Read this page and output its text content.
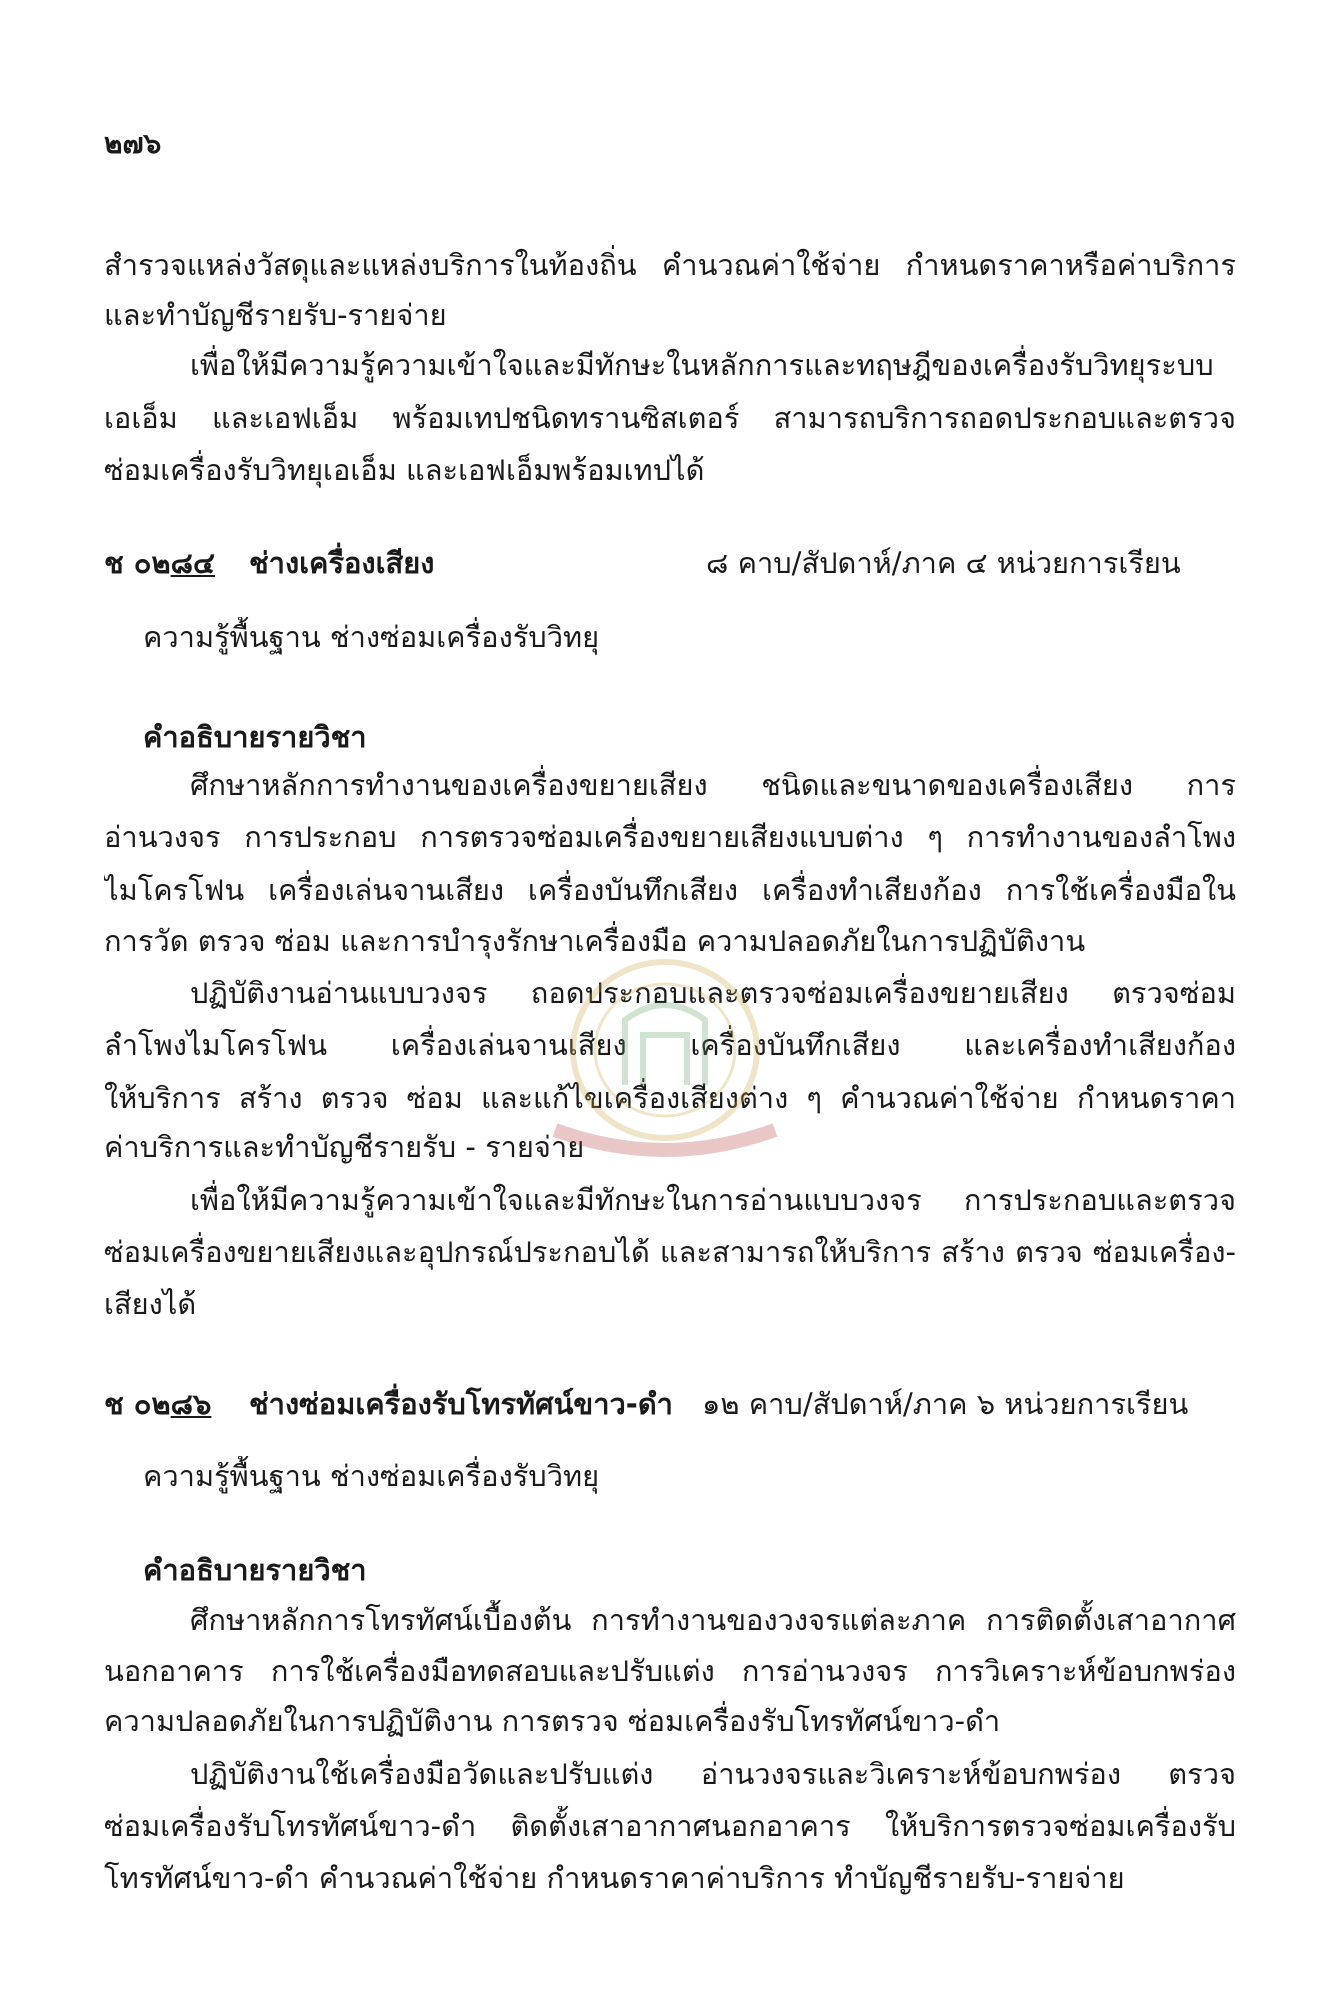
๒๗๖
สำรวจแหล่งวัสดุและแหล่งบริการในท้องถิ่น คำนวณค่าใช้จ่าย กำหนดราคาหรือค่าบริการ
และทำบัญชีรายรับ-รายจ่าย
เพื่อให้มีความรู้ความเข้าใจและมีทักษะในหลักการและทฤษฎีของเครื่องรับวิทยุระบบ
เอเอ็ม และเอฟเอ็ม พร้อมเทปชนิดทรานซิสเตอร์ สามารถบริการถอดประกอบและตรวจ
ซ่อมเครื่องรับวิทยุเอเอ็ม และเอฟเอ็มพร้อมเทปได้
ช ๐๒๘๔ ช่างเครื่องเสียง	๘ คาบ/สัปดาห์/ภาค ๔ หน่วยการเรียน
ความรู้พื้นฐาน ช่างซ่อมเครื่องรับวิทยุ
คำอธิบายรายวิชา
ศึกษาหลักการทำงานของเครื่องขยายเสียง ชนิดและขนาดของเครื่องเสียง การ
อ่านวงจร การประกอบ การตรวจซ่อมเครื่องขยายเสียงแบบต่าง ๆ การทำงานของลำโพง
ไมโครโฟน เครื่องเล่นจานเสียง เครื่องบันทึกเสียง เครื่องทำเสียงก้อง การใช้เครื่องมือใน
การวัด ตรวจ ซ่อม และการบำรุงรักษาเครื่องมือ ความปลอดภัยในการปฏิบัติงาน
ปฏิบัติงานอ่านแบบวงจร ถอดประกอบและตรวจซ่อมเครื่องขยายเสียง ตรวจซ่อม
ลำโพงไมโครโฟน เครื่องเล่นจานเสียง เครื่องบันทึกเสียง และเครื่องทำเสียงก้อง
ให้บริการ สร้าง ตรวจ ซ่อม และแก้ไขเครื่องเสียงต่าง ๆ คำนวณค่าใช้จ่าย กำหนดราคา
ค่าบริการและทำบัญชีรายรับ - รายจ่าย
เพื่อให้มีความรู้ความเข้าใจและมีทักษะในการอ่านแบบวงจร การประกอบและตรวจ
ซ่อมเครื่องขยายเสียงและอุปกรณ์ประกอบได้ และสามารถให้บริการ สร้าง ตรวจ ซ่อมเครื่อง-
เสียงได้
ช ๐๒๘๖ ช่างซ่อมเครื่องรับโทรทัศน์ขาว-ดำ ๑๒ คาบ/สัปดาห์/ภาค ๖ หน่วยการเรียน
ความรู้พื้นฐาน ช่างซ่อมเครื่องรับวิทยุ
คำอธิบายรายวิชา
ศึกษาหลักการโทรทัศน์เบื้องต้น การทำงานของวงจรแต่ละภาค การติดตั้งเสาอากาศ
นอกอาคาร การใช้เครื่องมือทดสอบและปรับแต่ง การอ่านวงจร การวิเคราะห์ข้อบกพร่อง
ความปลอดภัยในการปฏิบัติงาน การตรวจ ซ่อมเครื่องรับโทรทัศน์ขาว-ดำ
ปฏิบัติงานใช้เครื่องมือวัดและปรับแต่ง อ่านวงจรและวิเคราะห์ข้อบกพร่อง ตรวจ
ซ่อมเครื่องรับโทรทัศน์ขาว-ดำ ติดตั้งเสาอากาศนอกอาคาร ให้บริการตรวจซ่อมเครื่องรับ
โทรทัศน์ขาว-ดำ คำนวณค่าใช้จ่าย กำหนดราคาค่าบริการ ทำบัญชีรายรับ-รายจ่าย
